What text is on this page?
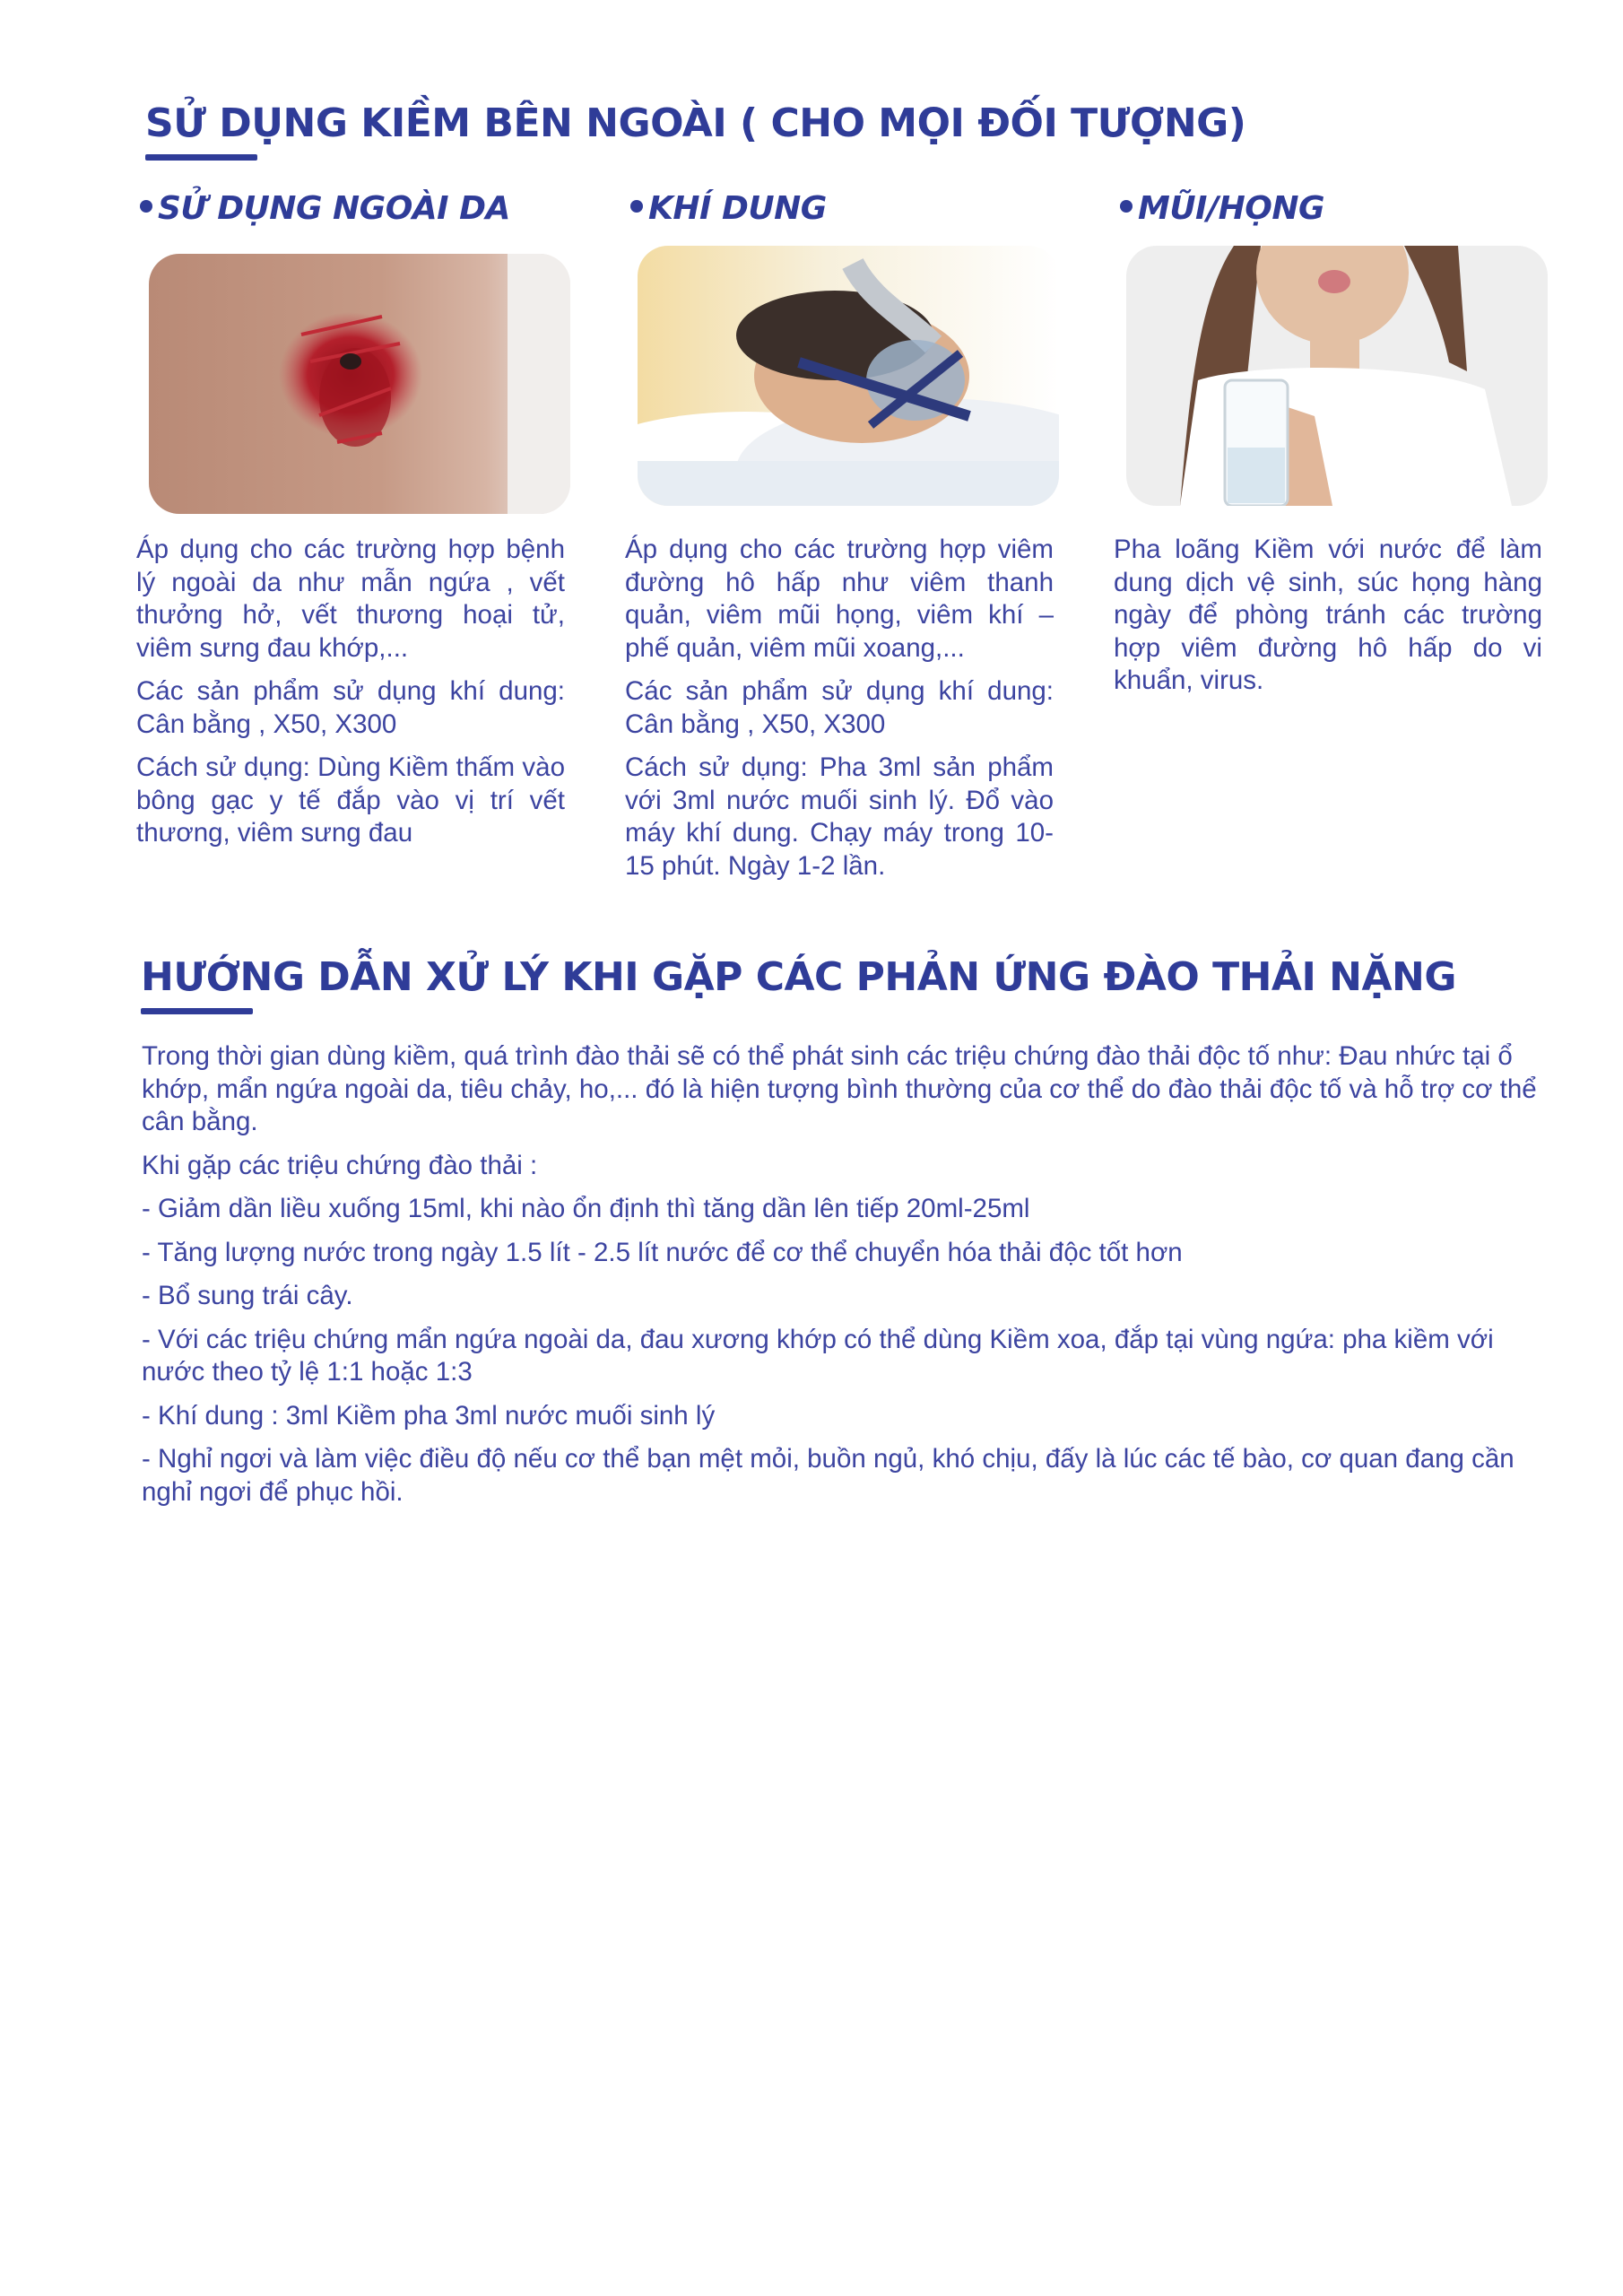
SỬ DỤNG KIỀM BÊN NGOÀI ( CHO MỌI ĐỐI TƯỢNG)
SỬ DỤNG NGOÀI DA	KHÍ DUNG	MŨI/HỌNG

Áp dụng cho các trường hợp bệnh lý ngoài da như mẫn ngứa , vết thưởng hở, vết thương hoại tử, viêm sưng đau khớp,...

Các sản phẩm sử dụng khí dung: Cân bằng , X50, X300

Cách sử dụng: Dùng Kiềm thấm vào bông gạc y tế đắp vào vị trí vết thương, viêm sưng đau

Áp dụng cho các trường hợp viêm đường hô hấp như viêm thanh quản, viêm mũi họng, viêm khí – phế quản, viêm mũi xoang,...

Các sản phẩm sử dụng khí dung: Cân bằng , X50, X300

Cách sử dụng: Pha 3ml sản phẩm với 3ml nước muối sinh lý. Đổ vào máy khí dung. Chạy máy trong 10-15 phút. Ngày 1-2 lần.

Pha loãng Kiềm với nước để làm dung dịch vệ sinh, súc họng hàng ngày để phòng tránh các trường hợp viêm đường hô hấp do vi khuẩn, virus.

HƯỚNG DẪN XỬ LÝ KHI GẶP CÁC PHẢN ỨNG ĐÀO THẢI NẶNG

Trong thời gian dùng kiềm, quá trình đào thải sẽ có thể phát sinh các triệu chứng đào thải độc tố như: Đau nhức tại ổ khớp, mẩn ngứa ngoài da, tiêu chảy, ho,... đó là hiện tượng bình thường của cơ thể do đào thải độc tố và hỗ trợ cơ thể cân bằng.

Khi gặp các triệu chứng đào thải :

- Giảm dần liều xuống 15ml, khi nào ổn định thì tăng dần lên tiếp 20ml-25ml

- Tăng lượng nước trong ngày 1.5 lít - 2.5 lít nước để cơ thể chuyển hóa thải độc tốt hơn

- Bổ sung trái cây.

- Với các triệu chứng mẩn ngứa ngoài da, đau xương khớp có thể dùng Kiềm xoa, đắp tại vùng ngứa: pha kiềm với nước theo tỷ lệ 1:1 hoặc 1:3

- Khí dung : 3ml Kiềm pha 3ml nước muối sinh lý

- Nghỉ ngơi và làm việc điều độ nếu cơ thể bạn mệt mỏi, buồn ngủ, khó chịu, đấy là lúc các tế bào, cơ quan đang cần nghỉ ngơi để phục hồi.
